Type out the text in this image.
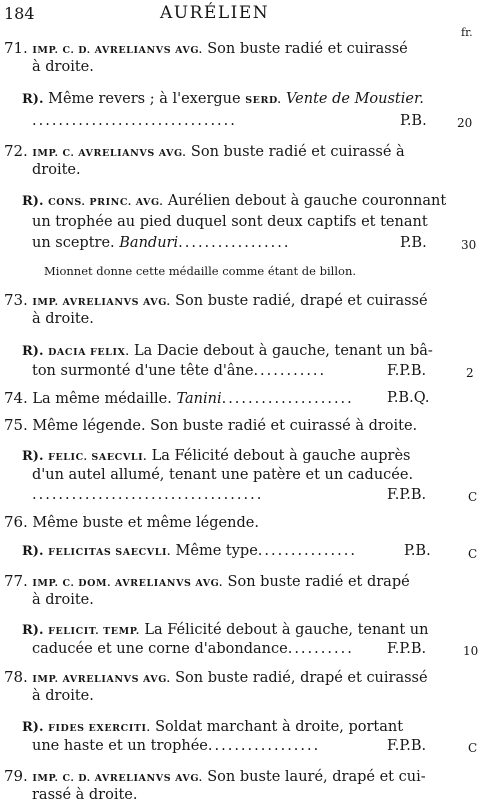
184	AURÉLIEN
fr.
71. IMP. C. D. AVRELIANVS AVG. Son buste radié et cuirassé
à droite.
R). Même revers ; à l'exergue SERD. Vente de Moustier.
...............................	P.B.	20
72. IMP. C. AVRELIANVS AVG. Son buste radié et cuirassé à
droite.
R). CONS. PRINC. AVG. Aurélien debout à gauche couronnant
un trophée au pied duquel sont deux captifs et tenant
un sceptre. Banduri.................	P.B.	30
Mionnet donne cette médaille comme étant de billon.
73. IMP. AVRELIANVS AVG. Son buste radié, drapé et cuirassé
à droite.
R). DACIA FELIX. La Dacie debout à gauche, tenant un bâ-
ton surmonté d'une tête d'âne...........	F.P.B.	2
74. La même médaille. Tanini.................... P.B.Q.
75. Même légende. Son buste radié et cuirassé à droite.
R). FELIC. SAECVLI. La Félicité debout à gauche auprès
d'un autel allumé, tenant une patère et un caducée.
...................................	F.P.B.	C
76. Même buste et même légende.
R). FELICITAS SAECVLI. Même type...............	P.B.	C
77. IMP. C. DOM. AVRELIANVS AVG. Son buste radié et drapé
à droite.
R). FELICIT. TEMP. La Félicité debout à gauche, tenant un
caducée et une corne d'abondance.......... F.P.B.	10
78. IMP. AVRELIANVS AVG. Son buste radié, drapé et cuirassé
à droite.
R). FIDES EXERCITI. Soldat marchant à droite, portant
une haste et un trophée.................	F.P.B.	C
79. IMP. C. D. AVRELIANVS AVG. Son buste lauré, drapé et cui-
rassé à droite.
